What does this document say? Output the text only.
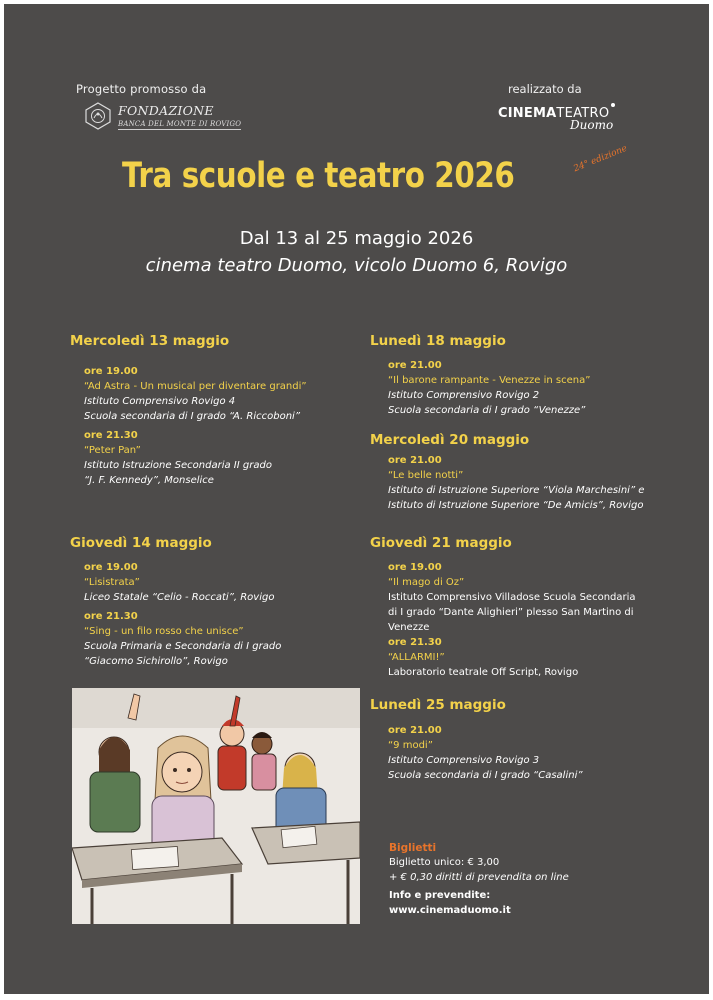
Progetto promosso da
FONDAZIONE
BANCA DEL MONTE DI ROVIGO
realizzato da
CINEMATEATRO
Duomo
Tra scuole e teatro 2026	24° edizione
Dal 13 al 25 maggio 2026
cinema teatro Duomo, vicolo Duomo 6, Rovigo
Mercoledì 13 maggio
ore 19.00
“Ad Astra - Un musical per diventare grandi”
Istituto Comprensivo Rovigo 4
Scuola secondaria di I grado “A. Riccoboni”
ore 21.30
“Peter Pan”
Istituto Istruzione Secondaria II grado
“J. F. Kennedy”, Monselice
Giovedì 14 maggio
ore 19.00
“Lisistrata”
Liceo Statale “Celio - Roccati”, Rovigo
ore 21.30
“Sing - un filo rosso che unisce”
Scuola Primaria e Secondaria di I grado
“Giacomo Sichirollo”, Rovigo
Lunedì 18 maggio
ore 21.00
“Il barone rampante - Venezze in scena”
Istituto Comprensivo Rovigo 2
Scuola secondaria di I grado “Venezze”
Mercoledì 20 maggio
ore 21.00
“Le belle notti”
Istituto di Istruzione Superiore “Viola Marchesini” e
Istituto di Istruzione Superiore “De Amicis”, Rovigo
Giovedì 21 maggio
ore 19.00
“Il mago di Oz”
Istituto Comprensivo Villadose Scuola Secondaria
di I grado “Dante Alighieri” plesso San Martino di
Venezze
ore 21.30
“ALLARMI!”
Laboratorio teatrale Off Script, Rovigo
Lunedì 25 maggio
ore 21.00
“9 modi”
Istituto Comprensivo Rovigo 3
Scuola secondaria di I grado “Casalini”
Biglietti
Biglietto unico: € 3,00
+ € 0,30 diritti di prevendita on line
Info e prevendite:
www.cinemaduomo.it
